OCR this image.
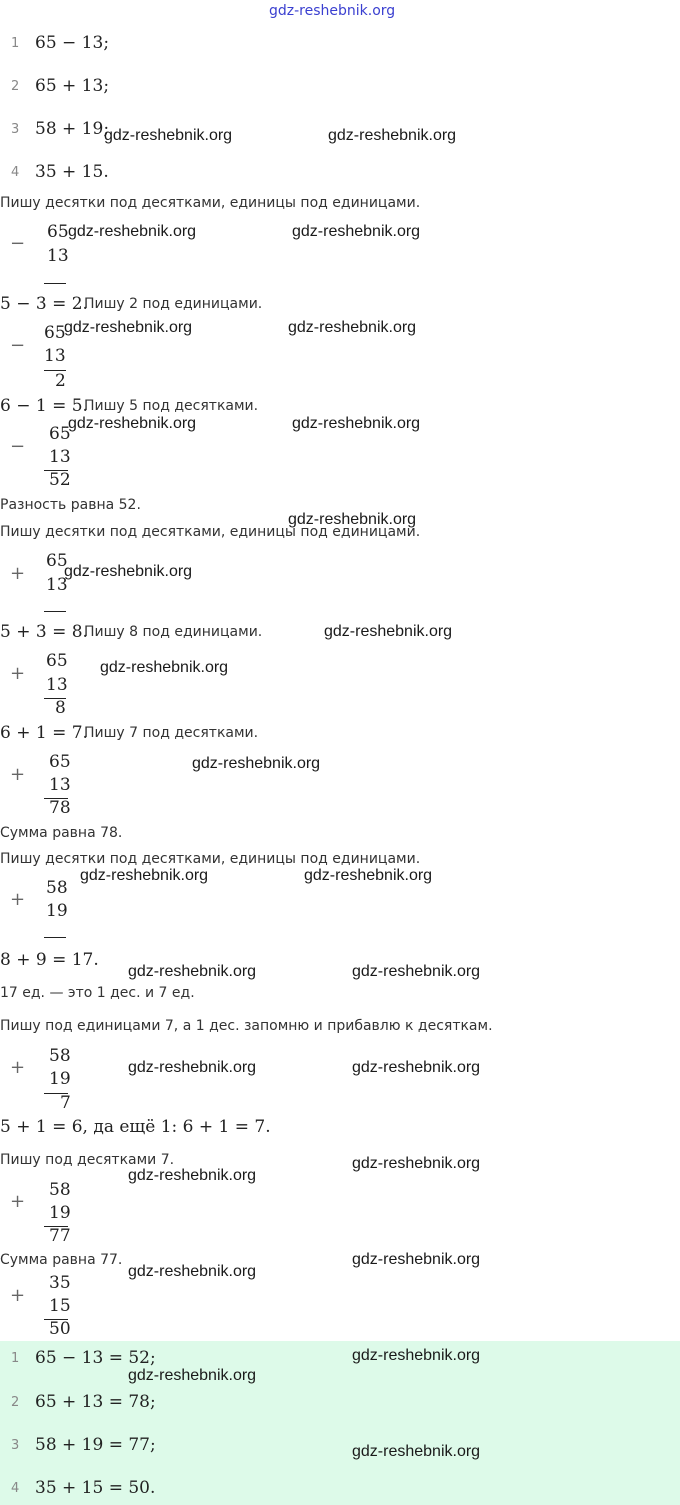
gdz-reshebnik.org
1 65 − 13;
2 65 + 13;
3 58 + 19;
4 35 + 15.
Пишу десятки под десятками, единицы под единицами.
−
65
13
5 − 3 = 2.
Пишу 2 под единицами.
−
65
13
2
6 − 1 = 5.
Пишу 5 под десятками.
−
65
13
52
Разность равна 52.
Пишу десятки под десятками, единицы под единицами.
+
65
13
5 + 3 = 8.
Пишу 8 под единицами.
+
65
13
8
6 + 1 = 7.
Пишу 7 под десятками.
+
65
13
78
Сумма равна 78.
Пишу десятки под десятками, единицы под единицами.
+
58
19
8 + 9 = 17.
17 ед. — это 1 дес. и 7 ед.
Пишу под единицами 7, а 1 дес. запомню и прибавлю к десяткам.
+
58
19
7
5 + 1 = 6, да ещё 1: 6 + 1 = 7.
Пишу под десятками 7.
+
58
19
77
Сумма равна 77.
+
35
15
50
1 65 − 13 = 52;
2 65 + 13 = 78;
3 58 + 19 = 77;
4 35 + 15 = 50.
gdz-reshebnik.org	gdz-reshebnik.org
gdz-reshebnik.org	gdz-reshebnik.org
gdz-reshebnik.org	gdz-reshebnik.org
gdz-reshebnik.org	gdz-reshebnik.org
gdz-reshebnik.org
gdz-reshebnik.org
gdz-reshebnik.org
gdz-reshebnik.org
gdz-reshebnik.org
gdz-reshebnik.org	gdz-reshebnik.org
gdz-reshebnik.org	gdz-reshebnik.org
gdz-reshebnik.org	gdz-reshebnik.org
gdz-reshebnik.org
gdz-reshebnik.org
gdz-reshebnik.org
gdz-reshebnik.org
gdz-reshebnik.org
gdz-reshebnik.org
gdz-reshebnik.org
